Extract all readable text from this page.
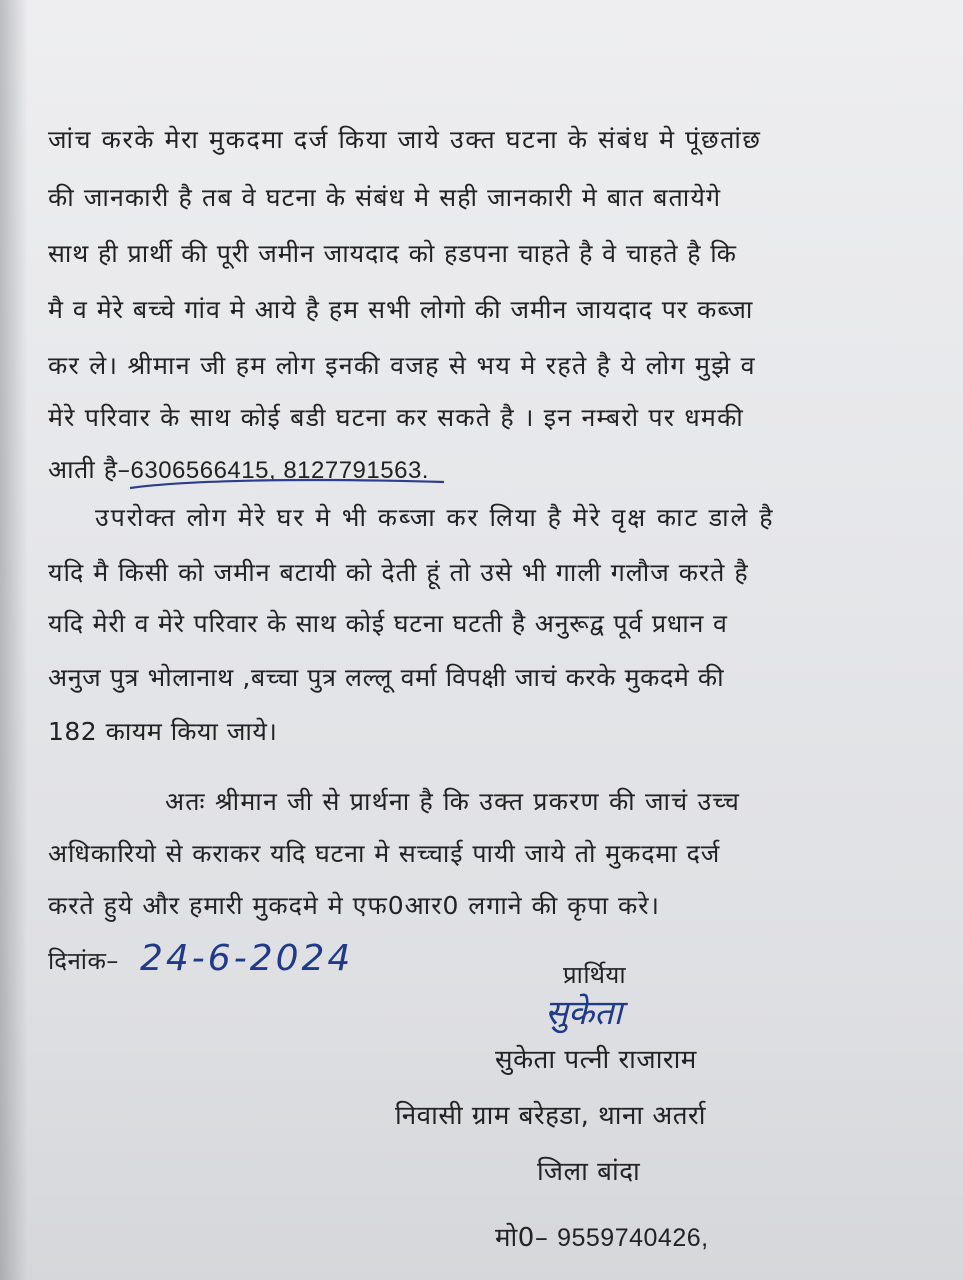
जांच करके मेरा मुकदमा दर्ज किया जाये उक्त घटना के संबंध मे पूंछतांछ
की जानकारी है तब वे घटना के संबंध मे सही जानकारी मे बात बतायेगे
साथ ही प्रार्थी की पूरी जमीन जायदाद को हडपना चाहते है वे चाहते है कि
मै व मेरे बच्चे गांव मे आये है हम सभी लोगो की जमीन जायदाद पर कब्जा
कर ले। श्रीमान जी हम लोग इनकी वजह से भय मे रहते है ये लोग मुझे व
मेरे परिवार के साथ कोई बडी घटना कर सकते है । इन नम्बरो पर धमकी
आती है–6306566415, 8127791563.
उपरोक्त लोग मेरे घर मे भी कब्जा कर लिया है मेरे वृक्ष काट डाले है
यदि मै किसी को जमीन बटायी को देती हूं तो उसे भी गाली गलौज करते है
यदि मेरी व मेरे परिवार के साथ कोई घटना घटती है अनुरूद्व पूर्व प्रधान व
अनुज पुत्र भोलानाथ ,बच्चा पुत्र लल्लू वर्मा विपक्षी जाचं करके मुकदमे की
182 कायम किया जाये।
अतः श्रीमान जी से प्रार्थना है कि उक्त प्रकरण की जाचं उच्च
अधिकारियो से कराकर यदि घटना मे सच्चाई पायी जाये तो मुकदमा दर्ज
करते हुये और हमारी मुकदमे मे एफ0आर0 लगाने की कृपा करे।
दिनांक– 24-6-2024	प्रार्थिया
सुकेता
सुकेता पत्नी राजाराम
निवासी ग्राम बरेहडा, थाना अतर्रा
जिला बांदा
मो0– 9559740426,
